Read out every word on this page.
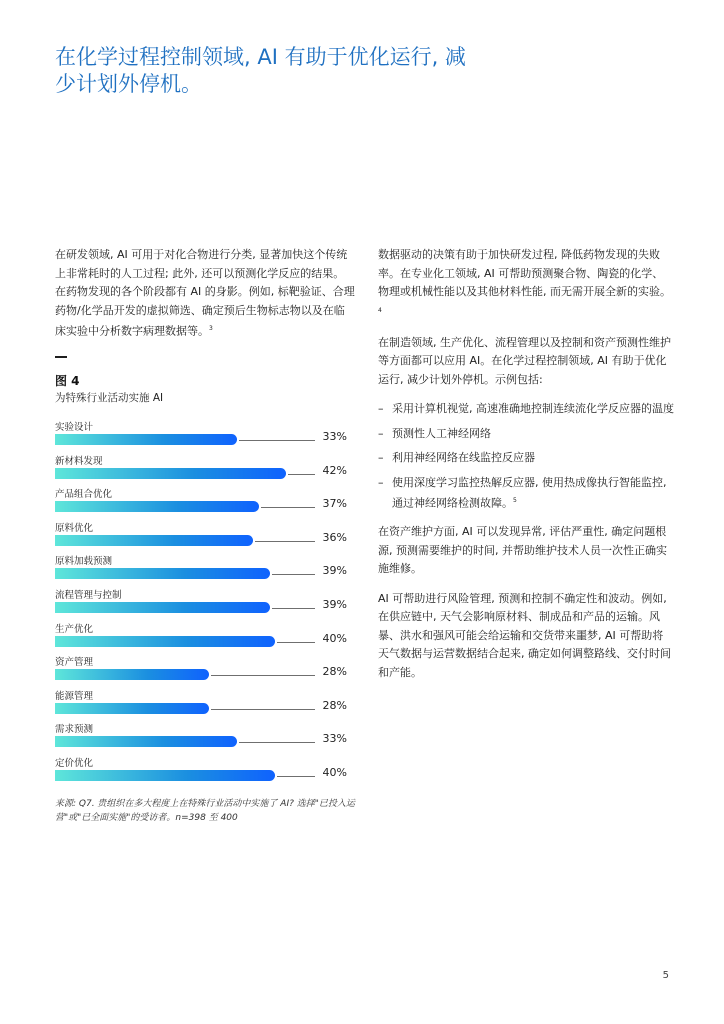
在化学过程控制领域, AI 有助于优化运行, 减少计划外停机。

在研发领域, AI 可用于对化合物进行分类, 显著加快这个传统上非常耗时的人工过程; 此外, 还可以预测化学反应的结果。在药物发现的各个阶段都有 AI 的身影。例如, 标靶验证、合理药物/化学品开发的虚拟筛选、确定预后生物标志物以及在临床实验中分析数字病理数据等。$^3$

图 4
为特殊行业活动实施 AI
实验设计
33%
新材料发现
42%
产品组合优化
37%
原料优化
36%
原料加载预测
39%
流程管理与控制
39%
生产优化
40%
资产管理
28%
能源管理
28%
需求预测
33%
定价优化
40%
来源: Q7. 贵组织在多大程度上在特殊行业活动中实施了 AI? 选择"已投入运营"或"已全面实施"的受访者。n=398 至 400

数据驱动的决策有助于加快研发过程, 降低药物发现的失败率。在专业化工领域, AI 可帮助预测聚合物、陶瓷的化学、物理或机械性能以及其他材料性能, 而无需开展全新的实验。 $^4$

在制造领域, 生产优化、流程管理以及控制和资产预测性维护等方面都可以应用 AI。在化学过程控制领域, AI 有助于优化运行, 减少计划外停机。示例包括:

– 采用计算机视觉, 高速准确地控制连续流化学反应器的温度
– 预测性人工神经网络
– 利用神经网络在线监控反应器
– 使用深度学习监控热解反应器, 使用热成像执行智能监控, 通过神经网络检测故障。$^5$

在资产维护方面, AI 可以发现异常, 评估严重性, 确定问题根源, 预测需要维护的时间, 并帮助维护技术人员一次性正确实施维修。

AI 可帮助进行风险管理, 预测和控制不确定性和波动。例如, 在供应链中, 天气会影响原材料、制成品和产品的运输。风暴、洪水和强风可能会给运输和交货带来噩梦, AI 可帮助将天气数据与运营数据结合起来, 确定如何调整路线、交付时间和产能。

5
